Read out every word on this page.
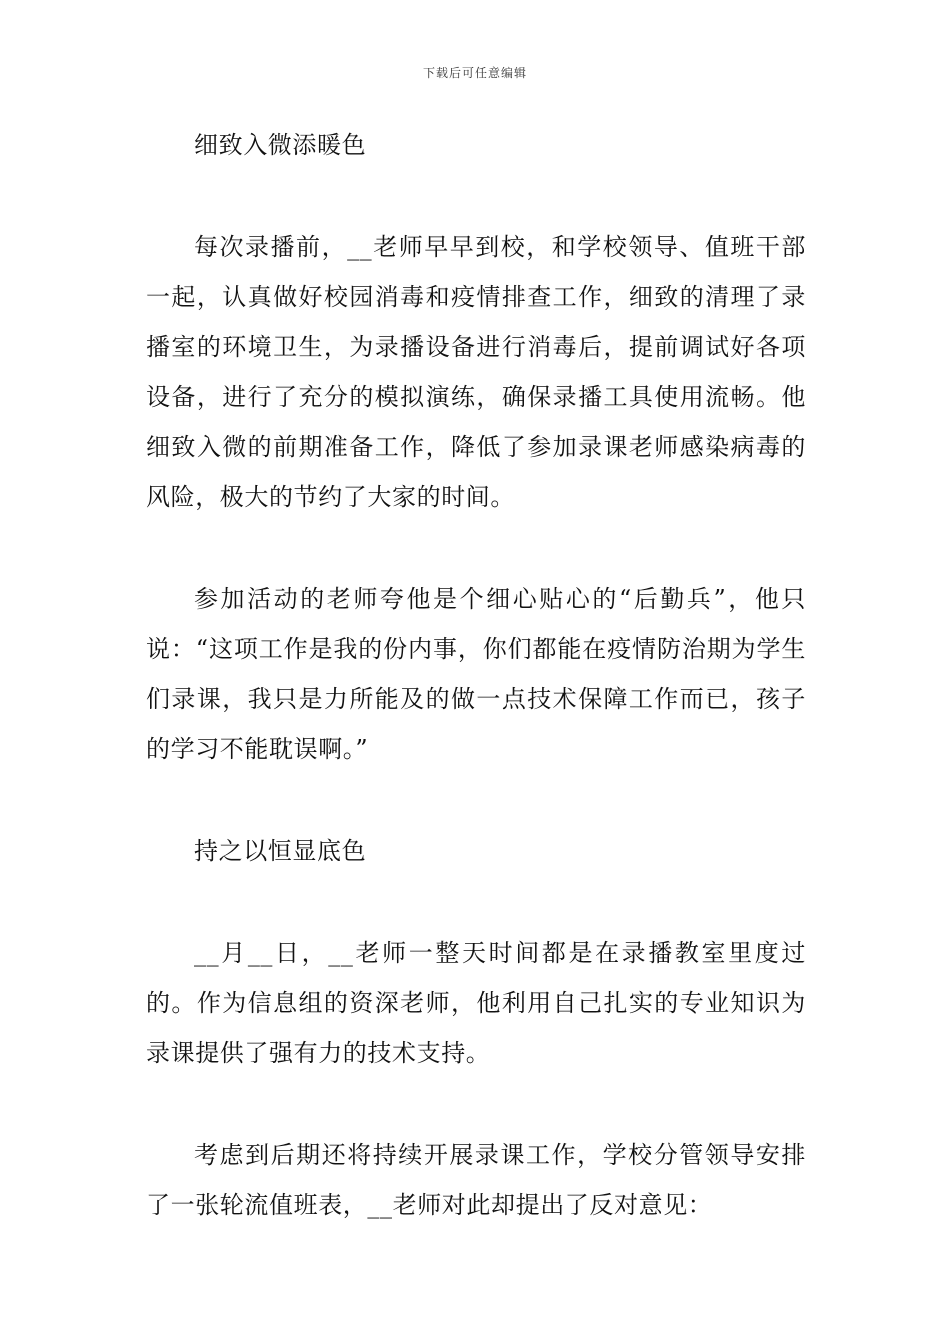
下载后可任意编辑

细致入微添暖色

每次录播前，__老师早早到校，和学校领导、值班干部一起，认真做好校园消毒和疫情排查工作，细致的清理了录播室的环境卫生，为录播设备进行消毒后，提前调试好各项设备，进行了充分的模拟演练，确保录播工具使用流畅。他细致入微的前期准备工作，降低了参加录课老师感染病毒的风险，极大的节约了大家的时间。

参加活动的老师夸他是个细心贴心的“后勤兵”，他只说：“这项工作是我的份内事，你们都能在疫情防治期为学生们录课，我只是力所能及的做一点技术保障工作而已，孩子的学习不能耽误啊。”

持之以恒显底色

__月__日，__老师一整天时间都是在录播教室里度过的。作为信息组的资深老师，他利用自己扎实的专业知识为录课提供了强有力的技术支持。

考虑到后期还将持续开展录课工作，学校分管领导安排了一张轮流值班表，__老师对此却提出了反对意见：
